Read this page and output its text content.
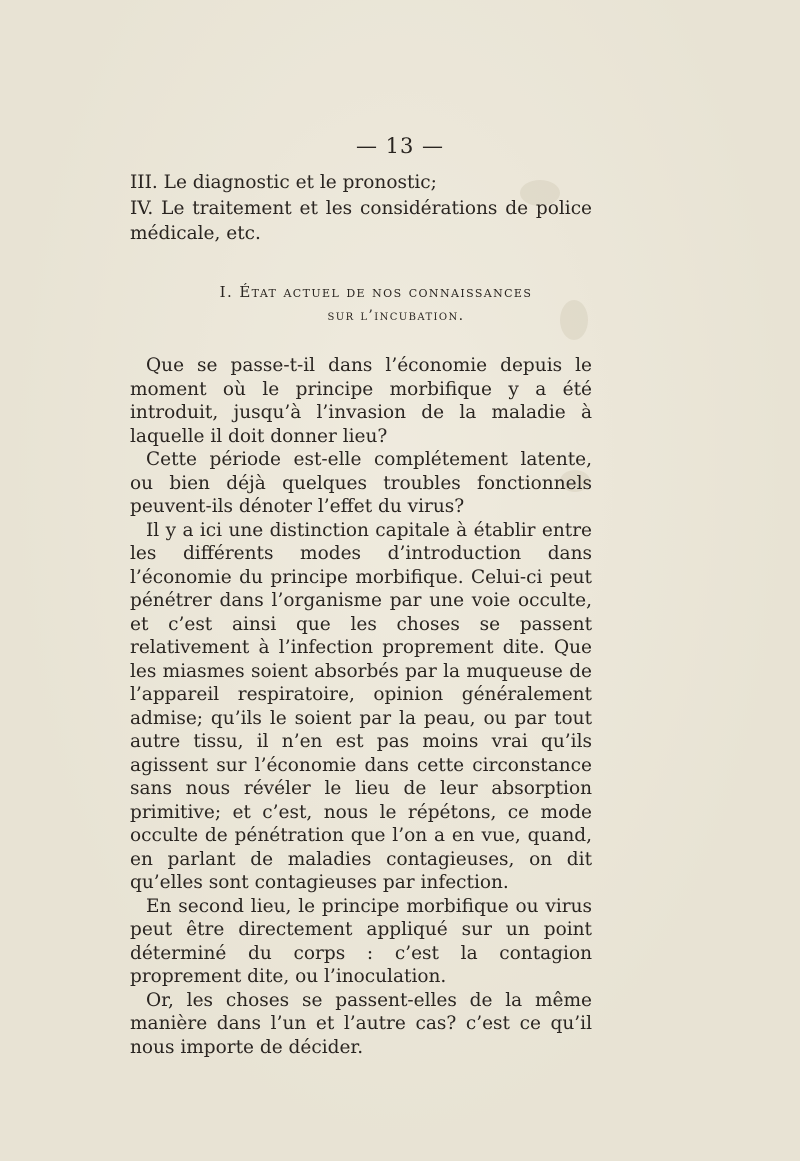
— 13 —
III. Le diagnostic et le pronostic;
IV. Le traitement et les considérations de police médicale, etc.
I. État actuel de nos connaissances
sur l’incubation.

Que se passe-t-il dans l’économie depuis le moment où le principe morbifique y a été introduit, jusqu’à l’invasion de la maladie à laquelle il doit donner lieu?

Cette période est-elle complétement latente, ou bien déjà quelques troubles fonctionnels peuvent-ils dénoter l’effet du virus?

Il y a ici une distinction capitale à établir entre les différents modes d’introduction dans l’économie du principe morbifique. Celui-ci peut pénétrer dans l’organisme par une voie occulte, et c’est ainsi que les choses se passent relativement à l’infection proprement dite. Que les miasmes soient absorbés par la muqueuse de l’appareil respiratoire, opinion généralement admise; qu’ils le soient par la peau, ou par tout autre tissu, il n’en est pas moins vrai qu’ils agissent sur l’économie dans cette circonstance sans nous révéler le lieu de leur absorption primitive; et c’est, nous le répétons, ce mode occulte de pénétration que l’on a en vue, quand, en parlant de maladies contagieuses, on dit qu’elles sont contagieuses par infection.

En second lieu, le principe morbifique ou virus peut être directement appliqué sur un point déterminé du corps : c’est la contagion proprement dite, ou l’inoculation.

Or, les choses se passent-elles de la même manière dans l’un et l’autre cas? c’est ce qu’il nous importe de décider.
